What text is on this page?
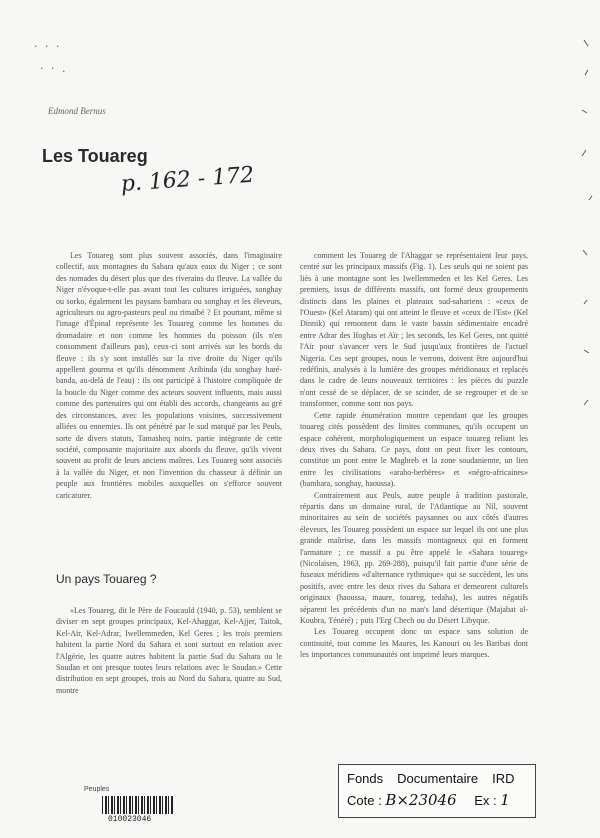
· · ·
· · .
Edmond Bernus
Les Touareg
p. 162 - 172

Les Touareg sont plus souvent associés, dans l'imaginaire collectif, aux montagnes du Sahara qu'aux eaux du Niger ; ce sont des nomades du désert plus que des riverains du fleuve. La vallée du Niger n'évoque-t-elle pas avant tout les cultures irriguées, songhay ou sorko, également les paysans bambara ou songhay et les éleveurs, agriculteurs ou agro-pasteurs peul ou rimaïbé ? Et pourtant, même si l'image d'Épinal représente les Touareg comme les hommes du dromadaire et non comme les hommes du poisson (ils n'en consomment d'ailleurs pas), ceux-ci sont arrivés sur les bords du fleuve : ils s'y sont installés sur la rive droite du Niger qu'ils appellent gourma et qu'ils dénomment Aribinda (du songhay haré-banda, au-delà de l'eau) : ils ont participé à l'histoire compliquée de la boucle du Niger comme des acteurs souvent influents, mais aussi comme des partenaires qui ont établi des accords, changeants au gré des circonstances, avec les populations voisines, successivement alliées ou ennemies. Ils ont pénétré par le sud marqué par les Peuls, sorte de divers statuts, Tamasheq noirs, partie intégrante de cette société, composante majoritaire aux abords du fleuve, qu'ils vivent souvent au profit de leurs anciens maîtres. Les Touareg sont associés à la vallée du Niger, et non l'invention du chasseur à définir un peuple aux frontières mobiles auxquelles on s'efforce souvent caricaturer.

Un pays Touareg ?

«Les Touareg, dit le Père de Foucauld (1940, p. 53), semblent se diviser en sept groupes principaux, Kel-Ahaggar, Kel-Ajjer, Taitok, Kel-Aïr, Kel-Adrar, Iwellemmeden, Kel Geres ; les trois premiers habitent la partie Nord du Sahara et sont surtout en relation avec l'Algérie, les quatre autres habitent la partie Sud du Sahara ou le Soudan et ont presque toutes leurs relations avec le Soudan.» Cette distribution en sept groupes, trois au Nord du Sahara, quatre au Sud, montre

comment les Touareg de l'Ahaggar se représentaient leur pays, centré sur les principaux massifs (Fig. 1). Les seuls qui ne soient pas liés à une montagne sont les Iwellemmeden et les Kel Geres. Les premiers, issus de différents massifs, ont formé deux groupements distincts dans les plaines et plateaux sud-sahariens : «ceux de l'Ouest» (Kel Ataram) qui ont atteint le fleuve et «ceux de l'Est» (Kel Dinnik) qui remontent dans le vaste bassin sédimentaire encadré entre Adrar des Ifoghas et Aïr ; les seconds, les Kel Geres, ont quitté l'Aïr pour s'avancer vers le Sud jusqu'aux frontières de l'actuel Nigeria. Ces sept groupes, nous le verrons, doivent être aujourd'hui redéfinis, analysés à la lumière des groupes méridionaux et replacés dans le cadre de leurs nouveaux territoires : les pièces du puzzle n'ont cessé de se déplacer, de se scinder, de se regrouper et de se transformer, comme sont nos pays.

Cette rapide énumération montre cependant que les groupes touareg cités possèdent des limites communes, qu'ils occupent un espace cohérent, morphologiquement un espace touareg reliant les deux rives du Sahara. Ce pays, dont on peut fixer les contours, constitue un pont entre le Maghreb et la zone soudanienne, un lien entre les civilisations «arabo-berbères» et «négro-africaines» (bambara, songhay, haoussa).

Contrairement aux Peuls, autre peuple à tradition pastorale, répartis dans un domaine rural, de l'Atlantique au Nil, souvent minoritaires au sein de sociétés paysannes ou aux côtés d'autres éleveurs, les Touareg possèdent un espace sur lequel ils ont une plus grande maîtrise, dans les massifs montagneux qui en forment l'armature ; ce massif a pu être appelé le «Sahara touareg» (Nicolaisen, 1963, pp. 269-288), puisqu'il fait partie d'une série de fuseaux méridiens «d'alternance rythmique» qui se succèdent, les uns positifs, avec entre les deux rives du Sahara et demeurent culturels originaux (haoussa, maure, touareg, tedaha), les autres négatifs séparent les précédents d'un no man's land désertique (Majabat al-Koubra, Ténéré) ; puis l'Erg Chech ou du Désert Libyque.

Les Touareg occupent donc un espace sans solution de continuité, tout comme les Maures, les Kanouri ou les Baribas dont les importances communautés ont imprimé leurs marques.

Peuples
010023046
Fonds Documentaire IRD
Cote : B×23046 Ex : 1
